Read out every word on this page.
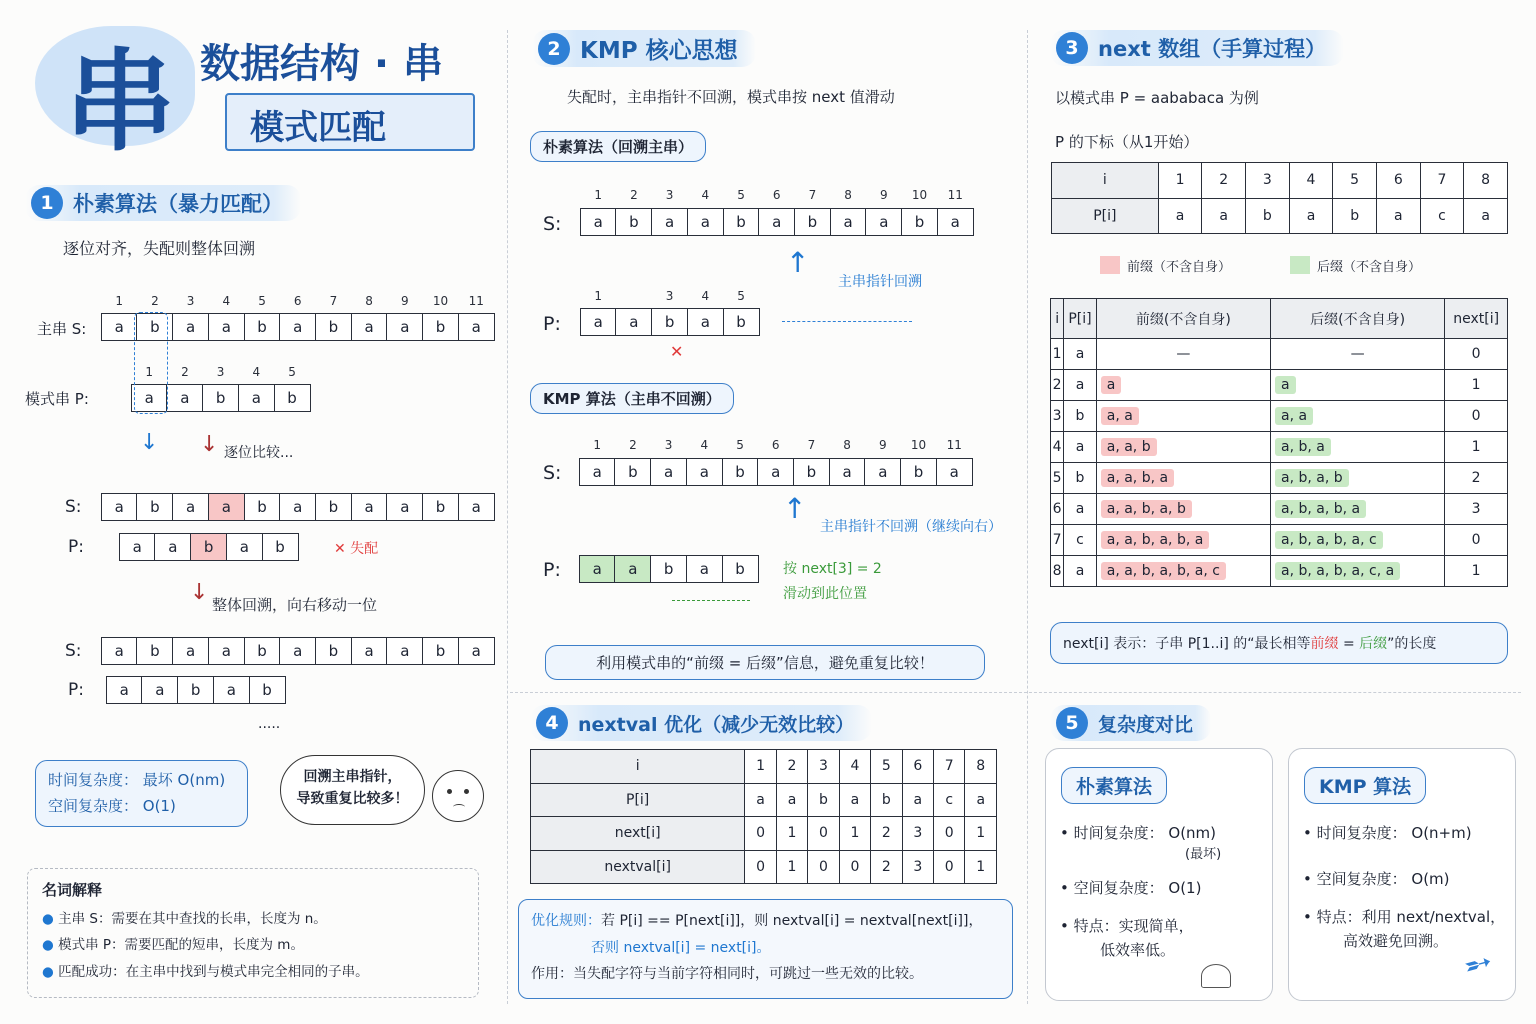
串 数据结构 · 串
模式匹配
1 朴素算法（暴力匹配）
逐位对齐，失配则整体回溯
主串 S:
1	2	3	4	5	6	7	8	9	10	11
a	b	a	a	b	a	b	a	a	b	a
模式串 P:
1	2	3	4	5
a	a	b	a	b
↓ ↓ 逐位比较...
S:	a	b	a	a	b	a	b	a	a	b	a
P:	a	a	b	a	b	✕ 失配
↓ 整体回溯，向右移动一位
S:	a	b	a	a	b	a	b	a	a	b	a
P:	a	a	b	a	b
.....
时间复杂度： 最坏 O(nm)
空间复杂度： O(1)
回溯主串指针，
导致重复比较多！
名词解释
● 主串 S：需要在其中查找的长串，长度为 n。
● 模式串 P：需要匹配的短串，长度为 m。
● 匹配成功：在主串中找到与模式串完全相同的子串。
2 KMP 核心思想
失配时，主串指针不回溯，模式串按 next 值滑动
朴素算法（回溯主串）
1	2	3	4	5	6	7	8	9	10	11
S:	a	b	a	a	b	a	b	a	a	b	a
↑
主串指针回溯
1	3	4	5
P:	a	a	b	a	b
✕
KMP 算法（主串不回溯）
1	2	3	4	5	6	7	8	9	10	11
S:	a	b	a	a	b	a	b	a	a	b	a
↑
主串指针不回溯（继续向右）
P:	a	a	b	a	b	按 next[3] = 2
滑动到此位置
利用模式串的“前缀 = 后缀”信息，避免重复比较！
3 next 数组（手算过程）
以模式串 P = aababaca 为例
P 的下标（从1开始）
i	1	2	3	4	5	6	7	8
P[i]	a	a	b	a	b	a	c	a
前缀（不含自身）	后缀（不含自身）
i	P[i]	前缀(不含自身)	后缀(不含自身)	next[i]
1	a	—	—	0
2	a	a	a	1
3	b	a, a	a, a	0
4	a	a, a, b	a, b, a	1
5	b	a, a, b, a	a, b, a, b	2
6	a	a, a, b, a, b	a, b, a, b, a	3
7	c	a, a, b, a, b, a	a, b, a, b, a, c	0
8	a	a, a, b, a, b, a, c	a, b, a, b, a, c, a	1
next[i] 表示：子串 P[1..i] 的“最长相等前缀 = 后缀”的长度
4	nextval 优化（减少无效比较）
i	1	2	3	4	5	6	7	8
P[i]	a	a	b	a	b	a	c	a
next[i]	0	1	0	1	2	3	0	1
nextval[i]	0	1	0	0	2	3	0	1
优化规则：若 P[i] == P[next[i]]，则 nextval[i] = nextval[next[i]]，
否则 nextval[i] = next[i]。
作用：当失配字符与当前字符相同时，可跳过一些无效的比较。
5	复杂度对比
朴素算法
• 时间复杂度： O(nm)
(最坏)
• 空间复杂度： O(1)
• 特点：实现简单，
低效率低。
KMP 算法
• 时间复杂度： O(n+m)
• 空间复杂度： O(m)
• 特点：利用 next/nextval，
高效避免回溯。 ➶
